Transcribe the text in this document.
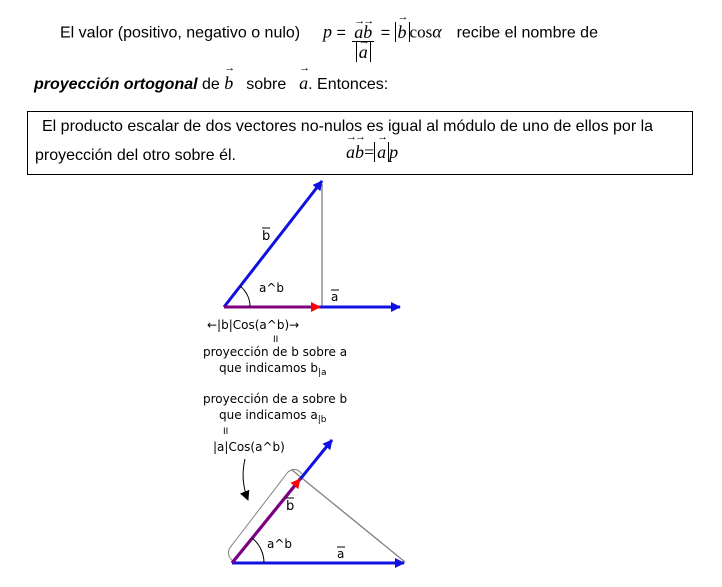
El valor (positivo, negativo o nulo) p = → a→ b
→ a = → b cosα recibe el nombre de
proyección ortogonal de → b sobre → a. Entonces:
El producto escalar de dos vectores no-nulos es igual al módulo de uno de ellos por la
proyección del otro sobre él.	→ a→ b= → a p
b
a^b
a
←|b|Cos(a^b)→
II
proyección de b sobre a
que indicamos $b_{|a}$
proyección de a sobre b
que indicamos $a_{|b}$
II
|a|Cos(a^b)
b
a^b
a
